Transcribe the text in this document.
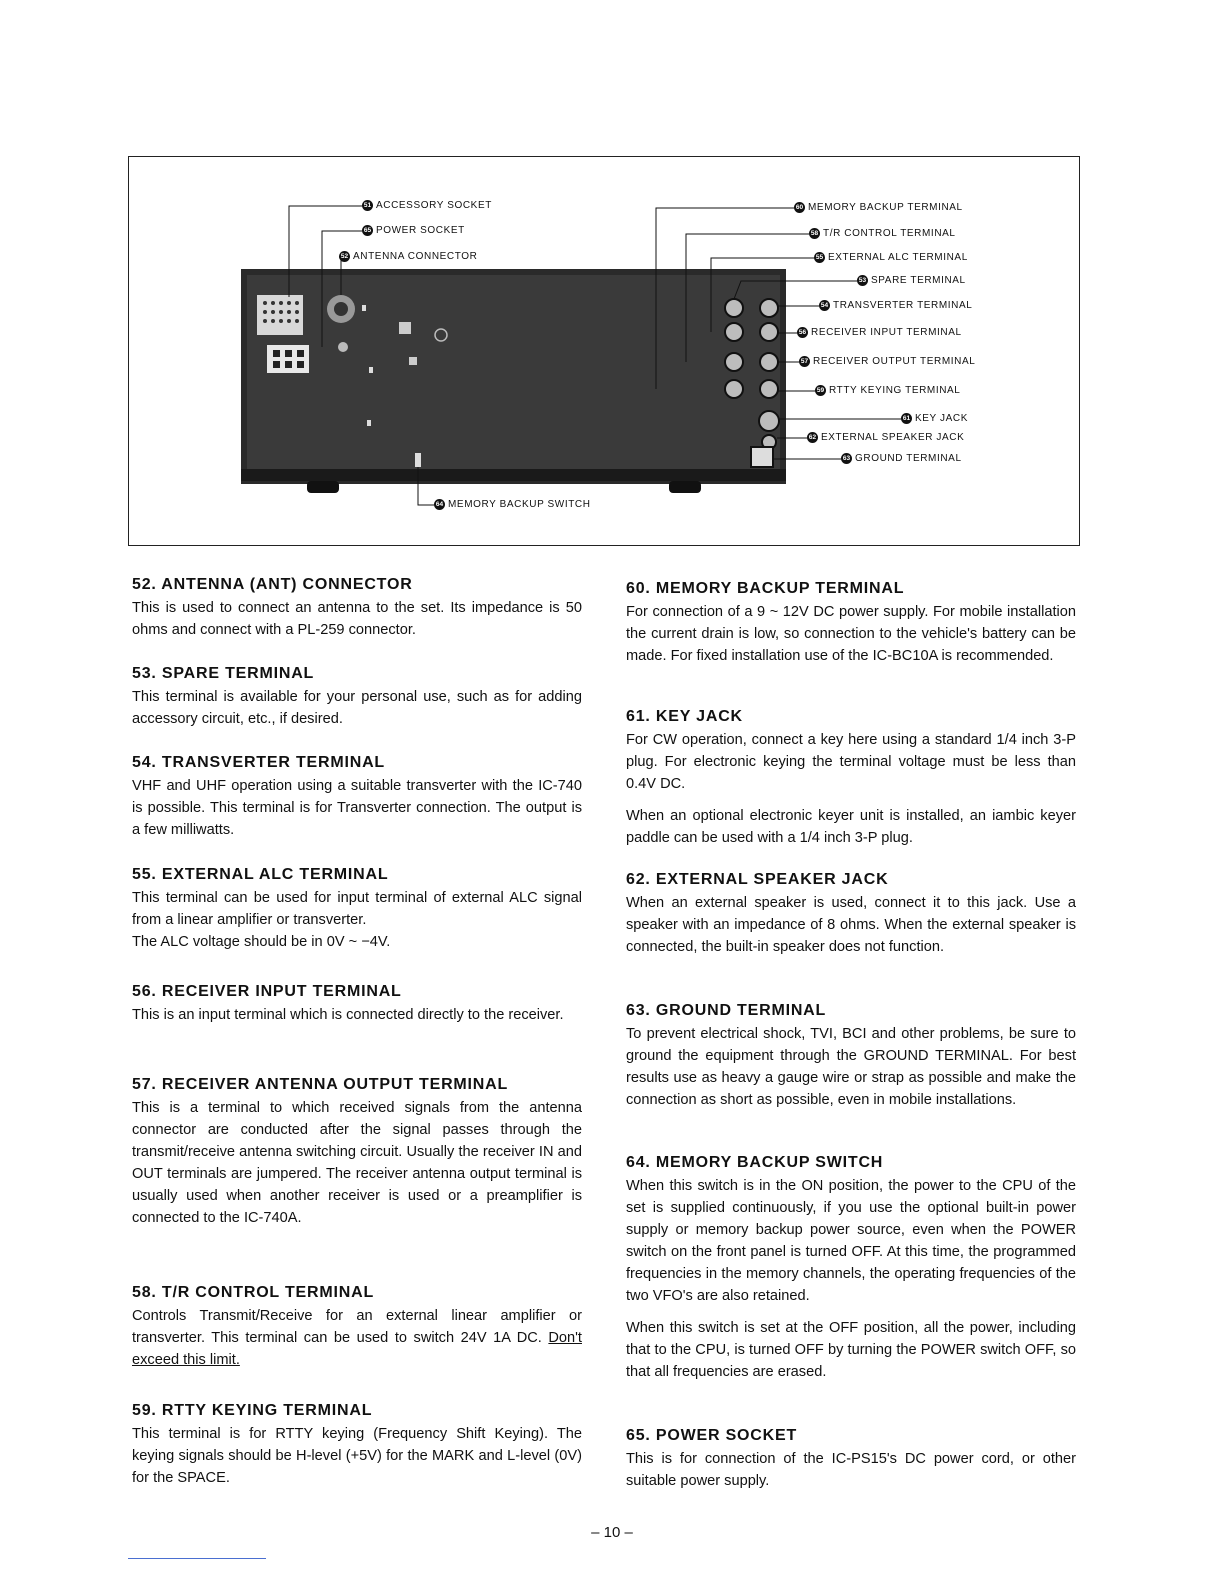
51 ACCESSORY SOCKET
65 POWER SOCKET
52 ANTENNA CONNECTOR
60 MEMORY BACKUP TERMINAL
58 T/R CONTROL TERMINAL
55 EXTERNAL ALC TERMINAL
53 SPARE TERMINAL
54 TRANSVERTER TERMINAL
56 RECEIVER INPUT TERMINAL
57 RECEIVER OUTPUT TERMINAL
59 RTTY KEYING TERMINAL
61 KEY JACK
62 EXTERNAL SPEAKER JACK
63 GROUND TERMINAL
64 MEMORY BACKUP SWITCH
52. ANTENNA (ANT) CONNECTOR

This is used to connect an antenna to the set. Its impedance is 50 ohms and connect with a PL-259 connector.

53. SPARE TERMINAL

This terminal is available for your personal use, such as for adding accessory circuit, etc., if desired.

54. TRANSVERTER TERMINAL

VHF and UHF operation using a suitable transverter with the IC-740 is possible. This terminal is for Transverter connection. The output is a few milliwatts.

55. EXTERNAL ALC TERMINAL

This terminal can be used for input terminal of external ALC signal from a linear amplifier or transverter.

The ALC voltage should be in 0V ~ −4V.

56. RECEIVER INPUT TERMINAL

This is an input terminal which is connected directly to the receiver.

57. RECEIVER ANTENNA OUTPUT TERMINAL

This is a terminal to which received signals from the antenna connector are conducted after the signal passes through the transmit/receive antenna switching circuit. Usually the receiver IN and OUT terminals are jumpered. The receiver antenna output terminal is usually used when another receiver is used or a preamplifier is connected to the IC-740A.

58. T/R CONTROL TERMINAL

Controls Transmit/Receive for an external linear amplifier or transverter. This terminal can be used to switch 24V 1A DC. Don't exceed this limit.

59. RTTY KEYING TERMINAL

This terminal is for RTTY keying (Frequency Shift Keying). The keying signals should be H-level (+5V) for the MARK and L-level (0V) for the SPACE.

60. MEMORY BACKUP TERMINAL

For connection of a 9 ~ 12V DC power supply. For mobile installation the current drain is low, so connection to the vehicle's battery can be made. For fixed installation use of the IC-BC10A is recommended.

61. KEY JACK

For CW operation, connect a key here using a standard 1/4 inch 3-P plug. For electronic keying the terminal voltage must be less than 0.4V DC.

When an optional electronic keyer unit is installed, an iambic keyer paddle can be used with a 1/4 inch 3-P plug.

62. EXTERNAL SPEAKER JACK

When an external speaker is used, connect it to this jack. Use a speaker with an impedance of 8 ohms. When the external speaker is connected, the built-in speaker does not function.

63. GROUND TERMINAL

To prevent electrical shock, TVI, BCI and other problems, be sure to ground the equipment through the GROUND TERMINAL. For best results use as heavy a gauge wire or strap as possible and make the connection as short as possible, even in mobile installations.

64. MEMORY BACKUP SWITCH

When this switch is in the ON position, the power to the CPU of the set is supplied continuously, if you use the optional built-in power supply or memory backup power source, even when the POWER switch on the front panel is turned OFF. At this time, the programmed frequencies in the memory channels, the operating frequencies of the two VFO's are also retained.

When this switch is set at the OFF position, all the power, including that to the CPU, is turned OFF by turning the POWER switch OFF, so that all frequencies are erased.

65. POWER SOCKET

This is for connection of the IC-PS15's DC power cord, or other suitable power supply.

– 10 –
